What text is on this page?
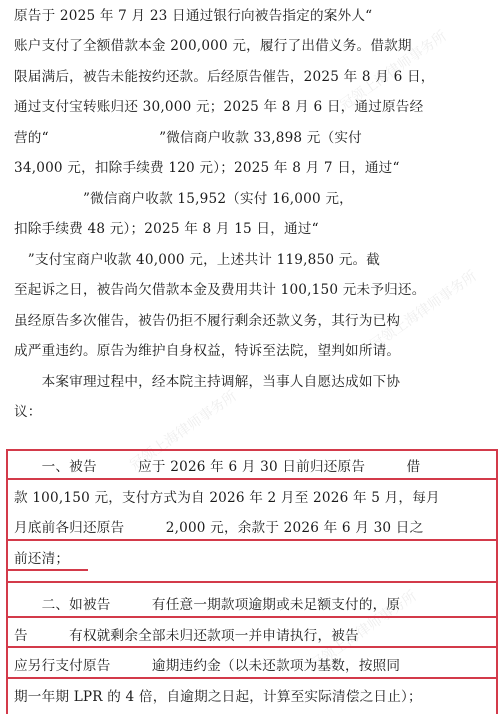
冠领上海律师事务所
冠领上海律师事务所
冠领上海律师事务所
冠领上海律师事务所
原告于 2025 年 7 月 23 日通过银行向被告指定的案外人“
账户支付了全额借款本金 200,000 元，履行了出借义务。借款期
限届满后，被告未能按约还款。后经原告催告，2025 年 8 月 6 日，
通过支付宝转账归还 30,000 元；2025 年 8 月 6 日，通过原告经
营的“　　　　　　　　”微信商户收款 33,898 元（实付
34,000 元，扣除手续费 120 元）；2025 年 8 月 7 日，通过“
　　　　　”微信商户收款 15,952（实付 16,000 元，
扣除手续费 48 元）；2025 年 8 月 15 日，通过“
　”支付宝商户收款 40,000 元，上述共计 119,850 元。截
至起诉之日，被告尚欠借款本金及费用共计 100,150 元未予归还。
虽经原告多次催告，被告仍拒不履行剩余还款义务，其行为已构
成严重违约。原告为维护自身权益，特诉至法院，望判如所请。
　　本案审理过程中，经本院主持调解，当事人自愿达成如下协
议：
　　一、被告　　　应于 2026 年 6 月 30 日前归还原告　　　借
款 100,150 元，支付方式为自 2026 年 2 月至 2026 年 5 月，每月
月底前各归还原告　　　2,000 元，余款于 2026 年 6 月 30 日之
前还清；
　　二、如被告　　　有任意一期款项逾期或未足额支付的，原
告　　　有权就剩余全部未归还款项一并申请执行，被告
应另行支付原告　　　逾期违约金（以未还款项为基数，按照同
期一年期 LPR 的 4 倍，自逾期之日起，计算至实际清偿之日止）；
